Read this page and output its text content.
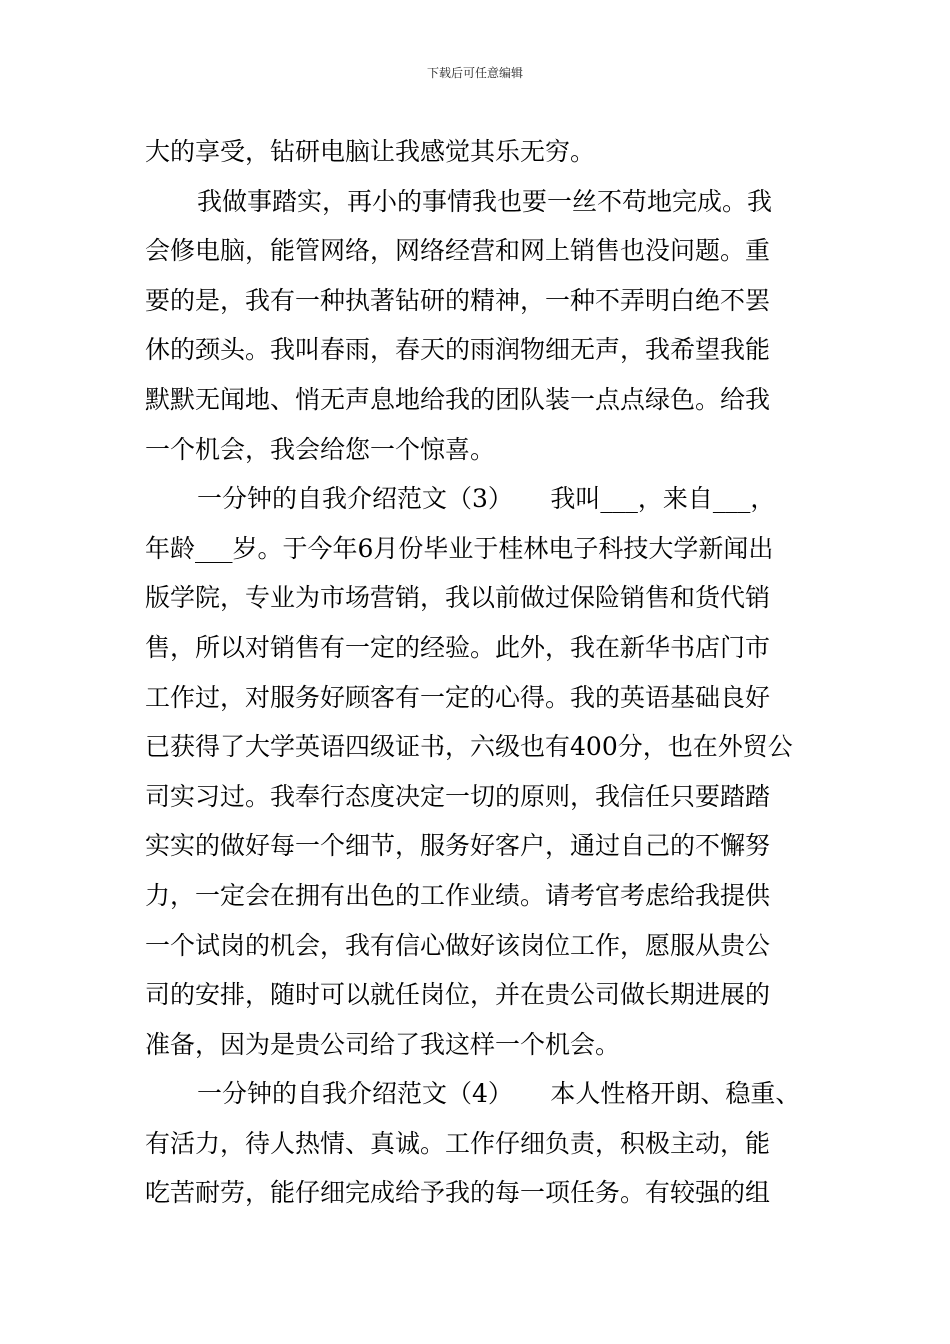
下载后可任意编辑
大的享受，钻研电脑让我感觉其乐无穷。
我做事踏实，再小的事情我也要一丝不苟地完成。我
会修电脑，能管网络，网络经营和网上销售也没问题。重
要的是，我有一种执著钻研的精神，一种不弄明白绝不罢
休的颈头。我叫春雨，春天的雨润物细无声，我希望我能
默默无闻地、悄无声息地给我的团队装一点点绿色。给我
一个机会，我会给您一个惊喜。
一分钟的自我介绍范文（3）　　我叫___，来自___，
年龄___岁。于今年6月份毕业于桂林电子科技大学新闻出
版学院，专业为市场营销，我以前做过保险销售和货代销
售，所以对销售有一定的经验。此外，我在新华书店门市
工作过，对服务好顾客有一定的心得。我的英语基础良好
已获得了大学英语四级证书，六级也有400分，也在外贸公
司实习过。我奉行态度决定一切的原则，我信任只要踏踏
实实的做好每一个细节，服务好客户，通过自己的不懈努
力，一定会在拥有出色的工作业绩。请考官考虑给我提供
一个试岗的机会，我有信心做好该岗位工作，愿服从贵公
司的安排，随时可以就任岗位，并在贵公司做长期进展的
准备，因为是贵公司给了我这样一个机会。
一分钟的自我介绍范文（4）　　本人性格开朗、稳重、
有活力，待人热情、真诚。工作仔细负责，积极主动，能
吃苦耐劳，能仔细完成给予我的每一项任务。有较强的组
